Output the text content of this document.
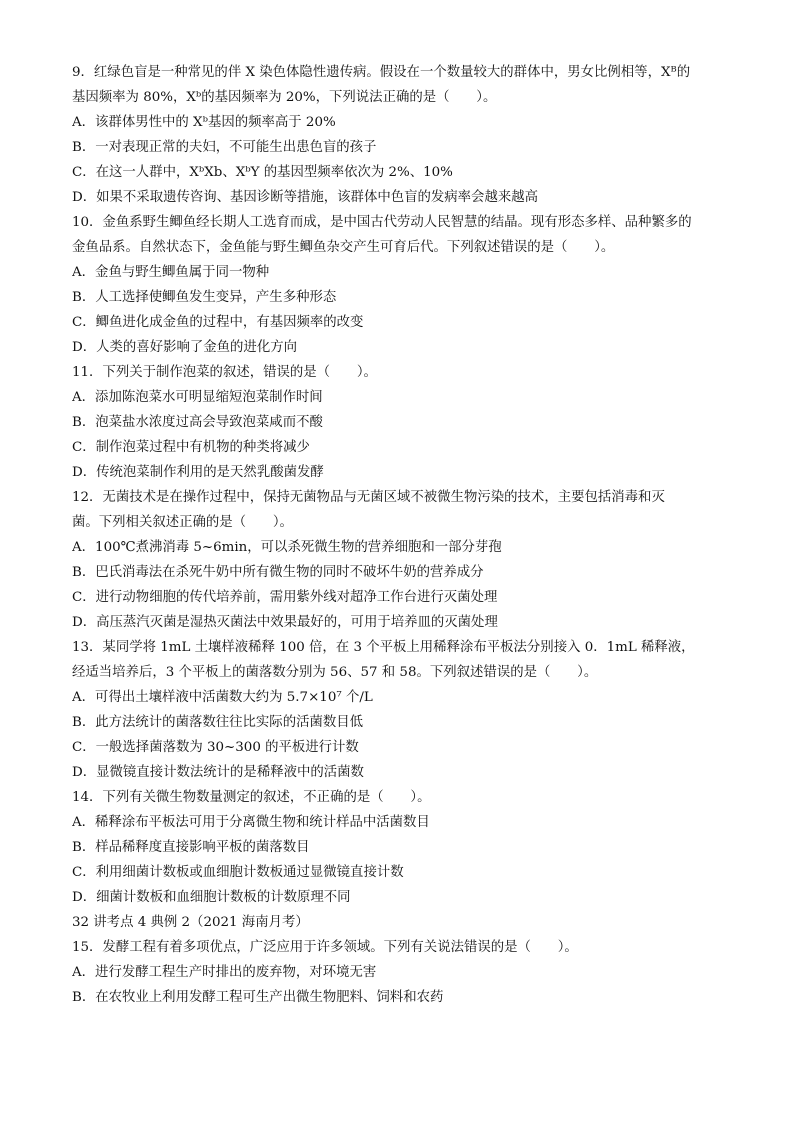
9．红绿色盲是一种常见的伴 X 染色体隐性遗传病。假设在一个数量较大的群体中，男女比例相等，Xᴮ的
基因频率为 80%，Xᵇ的基因频率为 20%，下列说法正确的是（　　）。
A．该群体男性中的 Xᵇ基因的频率高于 20%
B．一对表现正常的夫妇，不可能生出患色盲的孩子
C．在这一人群中，XᵇXb、XᵇY 的基因型频率依次为 2%、10%
D．如果不采取遗传咨询、基因诊断等措施，该群体中色盲的发病率会越来越高
10．金鱼系野生鲫鱼经长期人工选育而成，是中国古代劳动人民智慧的结晶。现有形态多样、品种繁多的
金鱼品系。自然状态下，金鱼能与野生鲫鱼杂交产生可育后代。下列叙述错误的是（　　）。
A．金鱼与野生鲫鱼属于同一物种
B．人工选择使鲫鱼发生变异，产生多种形态
C．鲫鱼进化成金鱼的过程中，有基因频率的改变
D．人类的喜好影响了金鱼的进化方向
11．下列关于制作泡菜的叙述，错误的是（　　）。
A．添加陈泡菜水可明显缩短泡菜制作时间
B．泡菜盐水浓度过高会导致泡菜咸而不酸
C．制作泡菜过程中有机物的种类将减少
D．传统泡菜制作利用的是天然乳酸菌发酵
12．无菌技术是在操作过程中，保持无菌物品与无菌区域不被微生物污染的技术，主要包括消毒和灭
菌。下列相关叙述正确的是（　　）。
A．100℃煮沸消毒 5~6min，可以杀死微生物的营养细胞和一部分芽孢
B．巴氏消毒法在杀死牛奶中所有微生物的同时不破坏牛奶的营养成分
C．进行动物细胞的传代培养前，需用紫外线对超净工作台进行灭菌处理
D．高压蒸汽灭菌是湿热灭菌法中效果最好的，可用于培养皿的灭菌处理
13．某同学将 1mL 土壤样液稀释 100 倍，在 3 个平板上用稀释涂布平板法分别接入 0．1mL 稀释液，
经适当培养后，3 个平板上的菌落数分别为 56、57 和 58。下列叙述错误的是（　　）。
A．可得出土壤样液中活菌数大约为 5.7×10⁷ 个/L
B．此方法统计的菌落数往往比实际的活菌数目低
C．一般选择菌落数为 30~300 的平板进行计数
D．显微镜直接计数法统计的是稀释液中的活菌数
14．下列有关微生物数量测定的叙述，不正确的是（　　）。
A．稀释涂布平板法可用于分离微生物和统计样品中活菌数目
B．样品稀释度直接影响平板的菌落数目
C．利用细菌计数板或血细胞计数板通过显微镜直接计数
D．细菌计数板和血细胞计数板的计数原理不同
32 讲考点 4 典例 2（2021 海南月考）
15．发酵工程有着多项优点，广泛应用于许多领域。下列有关说法错误的是（　　）。
A．进行发酵工程生产时排出的废弃物，对环境无害
B．在农牧业上利用发酵工程可生产出微生物肥料、饲料和农药
